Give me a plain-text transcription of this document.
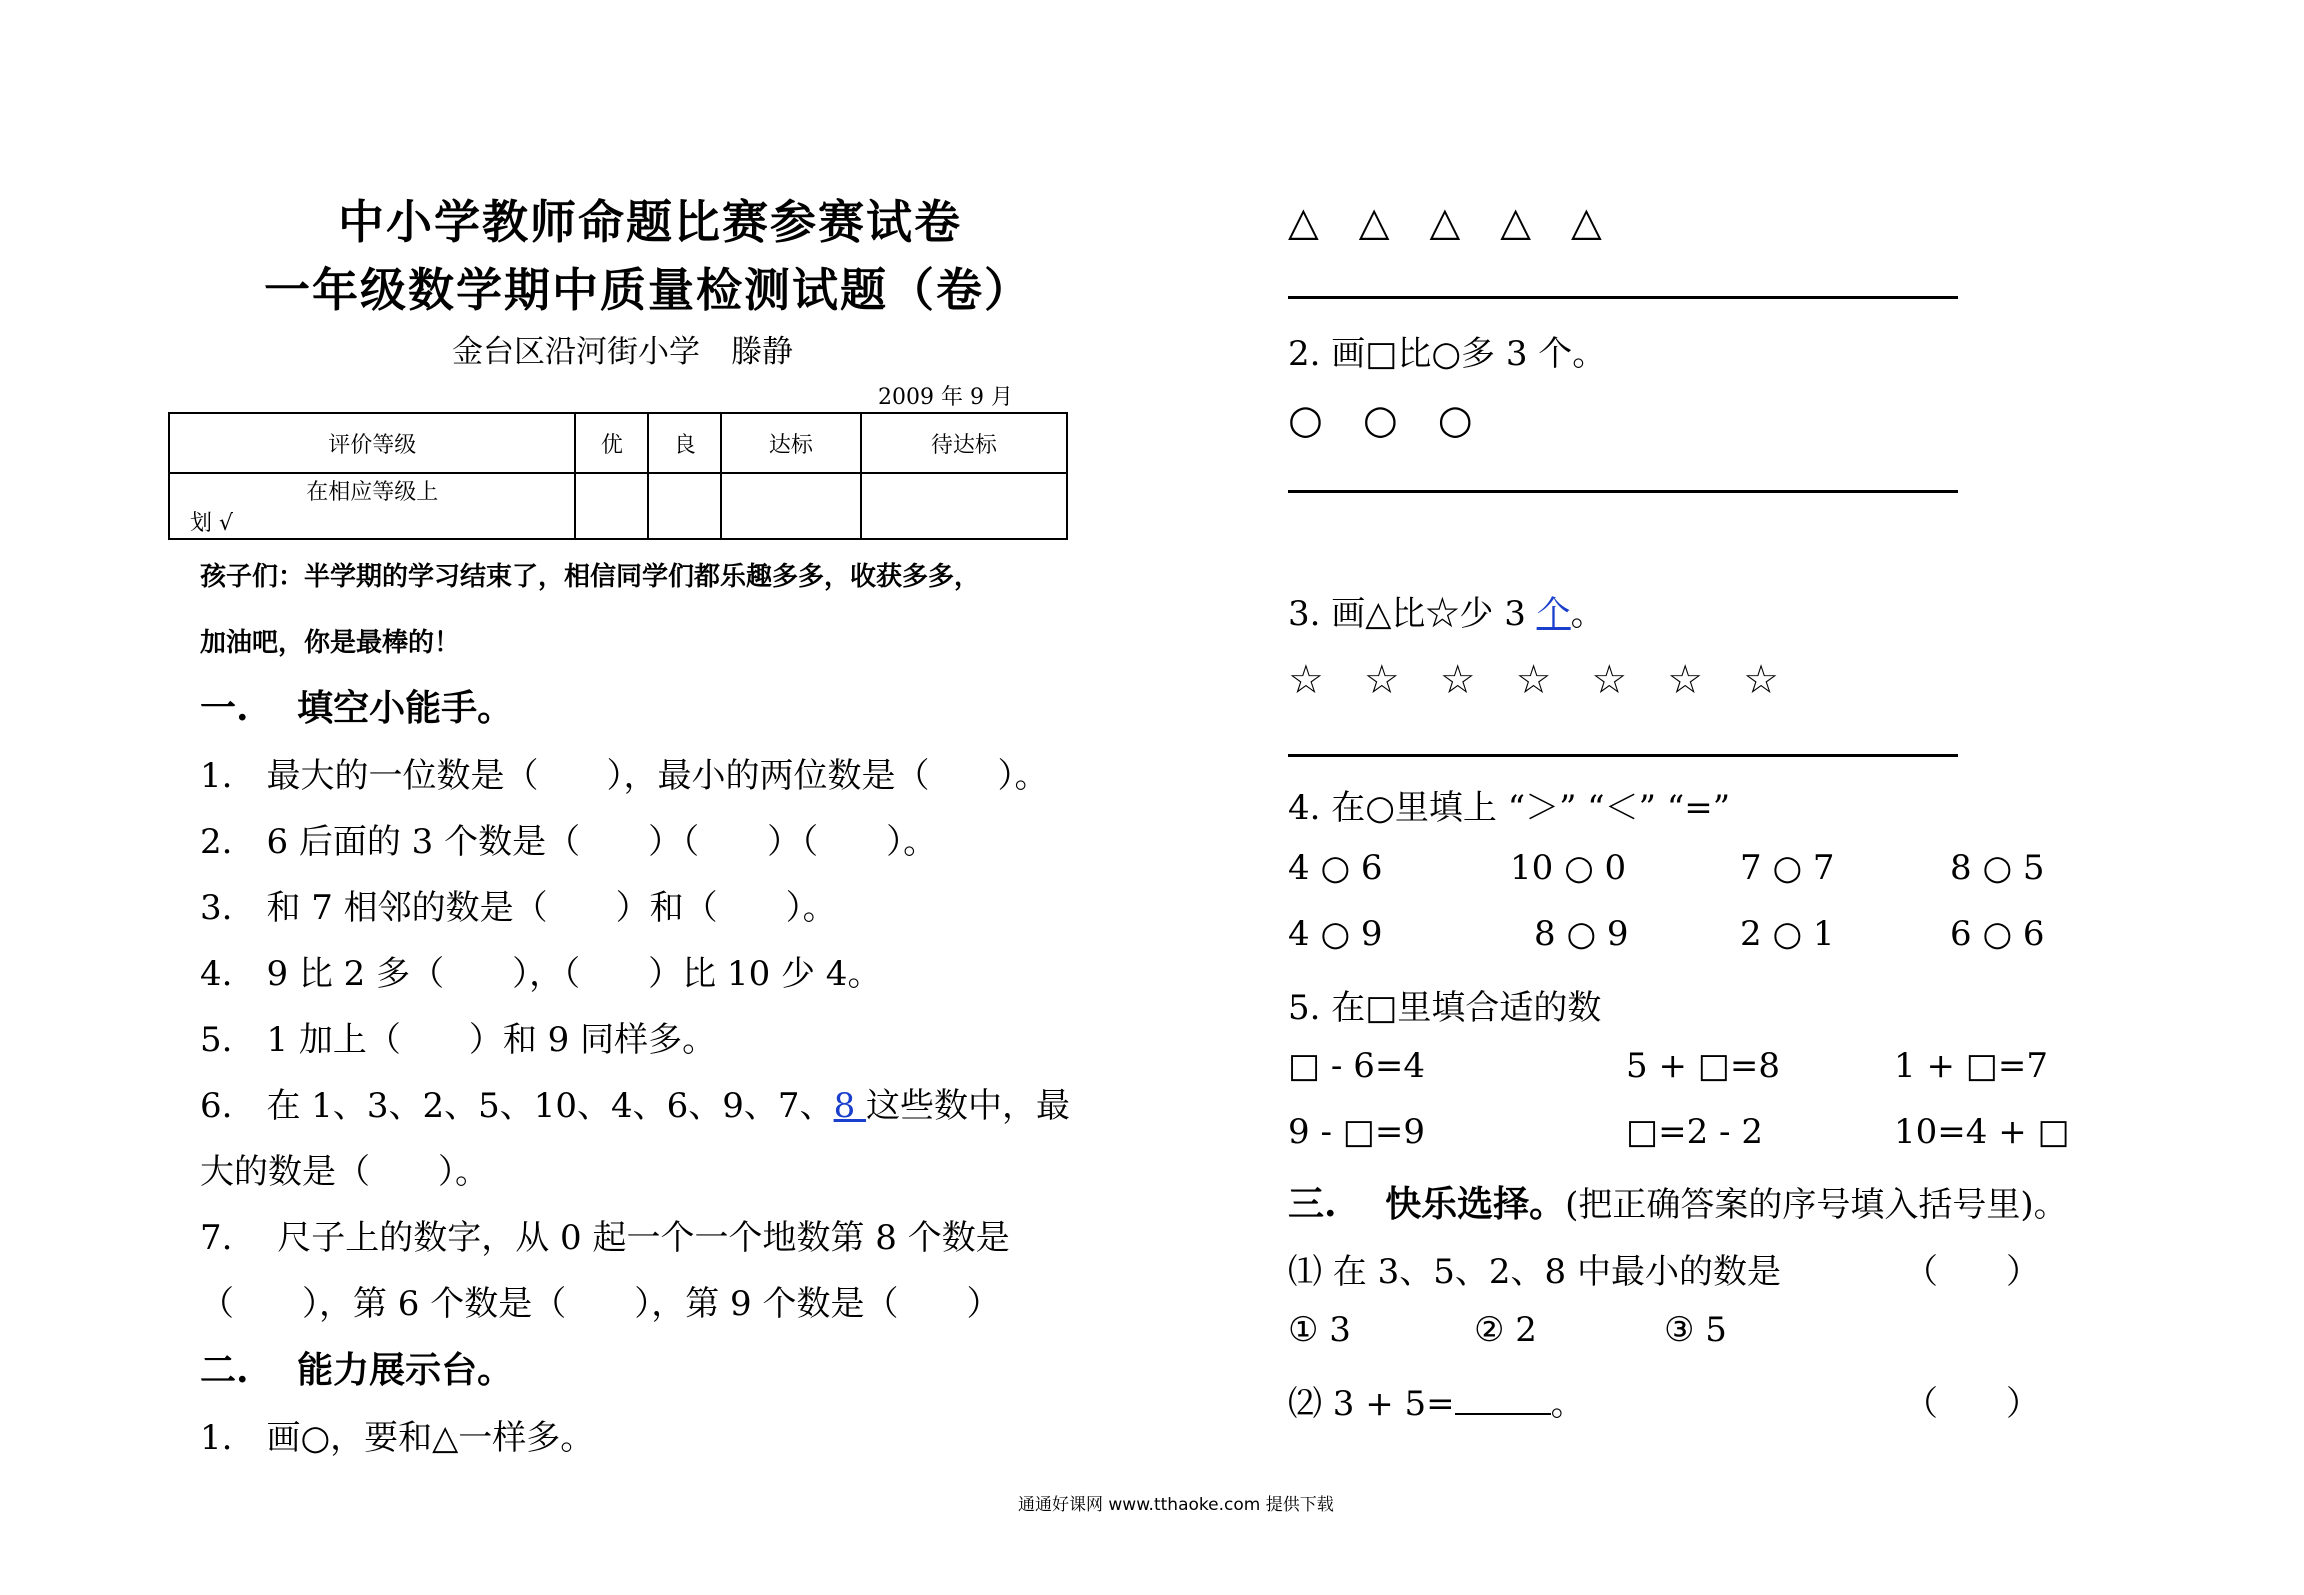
中小学教师命题比赛参赛试卷
一年级数学期中质量检测试题（卷）
金台区沿河街小学　滕静
2009 年 9 月
评价等级	优	良	达标	待达标

在相应等级上
划 √				

孩子们：半学期的学习结束了，相信同学们都乐趣多多，收获多多，
加油吧，你是最棒的！
一.　 填空小能手。
1.　最大的一位数是（　　），最小的两位数是（　　）。
2.　6 后面的 3 个数是（　　）（　　）（　　）。
3.　和 7 相邻的数是（　　）和（　　）。
4.　9 比 2 多（　　），（　　）比 10 少 4。
5.　1 加上（　　）和 9 同样多。
6.　在 1、3、2、5、10、4、6、9、7、8 这些数中，最
大的数是（　　）。
7.　 尺子上的数字，从 0 起一个一个地数第 8 个数是
（　　），第 6 个数是（　　），第 9 个数是（　　）
二.　 能力展示台。
1.　画○，要和△一样多。
△　△　△　△　△
2. 画□比○多 3 个。
○　○　○
3. 画△比☆少 3 个。
☆　☆　☆　☆　☆　☆　☆
4. 在○里填上 “＞” “＜” “=”
4 ○ 6	10 ○ 0	7 ○ 7	8 ○ 5
4 ○ 9	8 ○ 9	2 ○ 1	6 ○ 6
5. 在□里填合适的数
□ - 6=4	5 + □=8	1 + □=7
9 - □=9	□=2 - 2	10=4 + □
三.　 快乐选择。(把正确答案的序号填入括号里)。
⑴ 在 3、5、2、8 中最小的数是	（　　）
① 3	② 2	③ 5
⑵ 3 + 5=	。	（　　）
通通好课网 www.tthaoke.com 提供下载
